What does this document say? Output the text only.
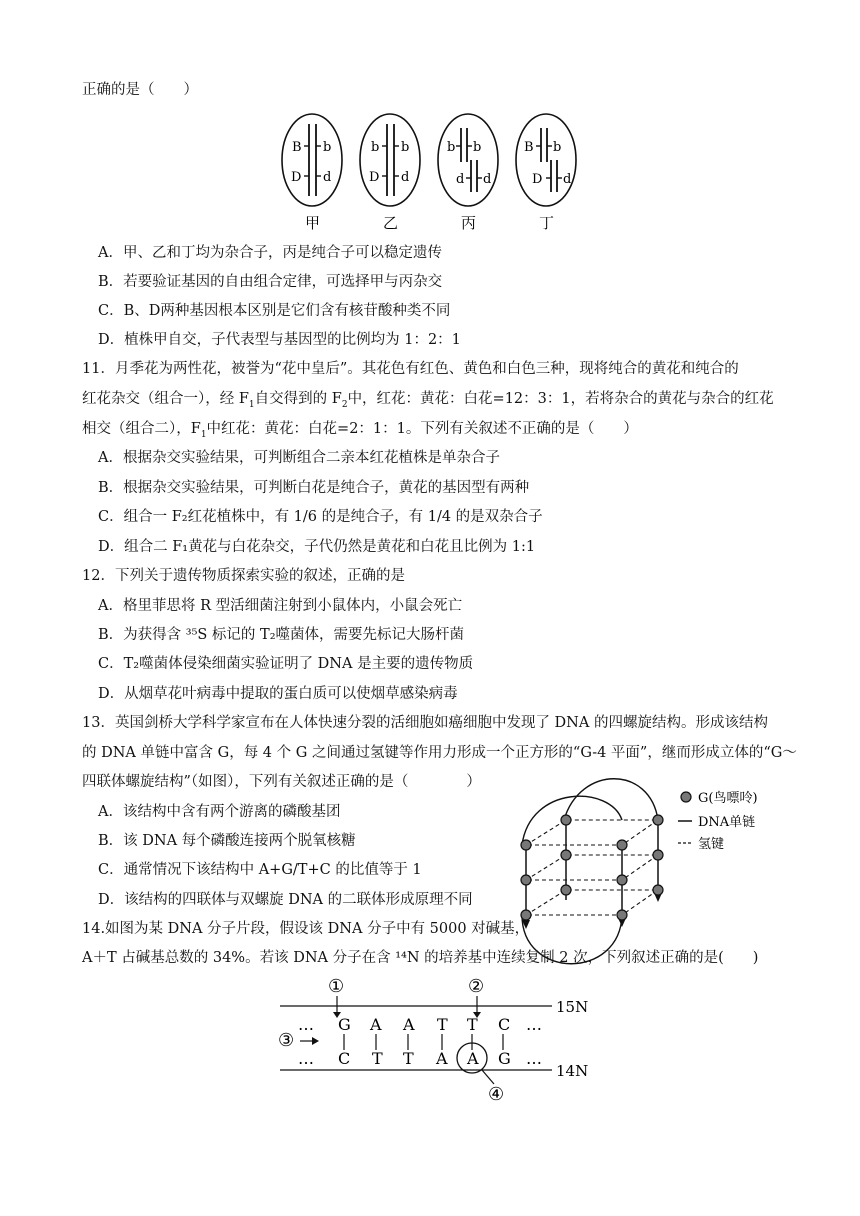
正确的是（　　）
B b
D d
甲
b b
D d
乙
b b
d d
丙
B b
D d
丁
A．甲、乙和丁均为杂合子，丙是纯合子可以稳定遗传
B．若要验证基因的自由组合定律，可选择甲与丙杂交
C．B、D两种基因根本区别是它们含有核苷酸种类不同
D．植株甲自交，子代表型与基因型的比例均为 1：2：1
11．月季花为两性花，被誉为“花中皇后”。其花色有红色、黄色和白色三种，现将纯合的黄花和纯合的
红花杂交（组合一），经 $F_1$自交得到的 $F_2$中，红花：黄花：白花=12：3：1，若将杂合的黄花与杂合的红花
相交（组合二），$F_1$中红花：黄花：白花=2：1：1。下列有关叙述不正确的是（　　）
A．根据杂交实验结果，可判断组合二亲本红花植株是单杂合子
B．根据杂交实验结果，可判断白花是纯合子，黄花的基因型有两种
C．组合一 F₂红花植株中，有 1/6 的是纯合子，有 1/4 的是双杂合子
D．组合二 F₁黄花与白花杂交，子代仍然是黄花和白花且比例为 1:1
12．下列关于遗传物质探索实验的叙述，正确的是
A．格里菲思将 R 型活细菌注射到小鼠体内，小鼠会死亡
B．为获得含 ³⁵S 标记的 T₂噬菌体，需要先标记大肠杆菌
C．T₂噬菌体侵染细菌实验证明了 DNA 是主要的遗传物质
D．从烟草花叶病毒中提取的蛋白质可以使烟草感染病毒
13．英国剑桥大学科学家宣布在人体快速分裂的活细胞如癌细胞中发现了 DNA 的四螺旋结构。形成该结构
的 DNA 单链中富含 G，每 4 个 G 之间通过氢键等作用力形成一个正方形的“G-4 平面”，继而形成立体的“G～
四联体螺旋结构”（如图），下列有关叙述正确的是（　　　　）
A．该结构中含有两个游离的磷酸基团
B．该 DNA 每个磷酸连接两个脱氧核糖
C．通常情况下该结构中 A+G/T+C 的比值等于 1
D．该结构的四联体与双螺旋 DNA 的二联体形成原理不同
G(鸟嘌呤)
DNA单链
氢键
14.如图为某 DNA 分子片段，假设该 DNA 分子中有 5000 对碱基，
A＋T 占碱基总数的 34%。若该 DNA 分子在含 ¹⁴N 的培养基中连续复制 2 次，下列叙述正确的是(　　)
… G A A T T C …
… C T T A A G …
15N
14N
①	②
③
④
